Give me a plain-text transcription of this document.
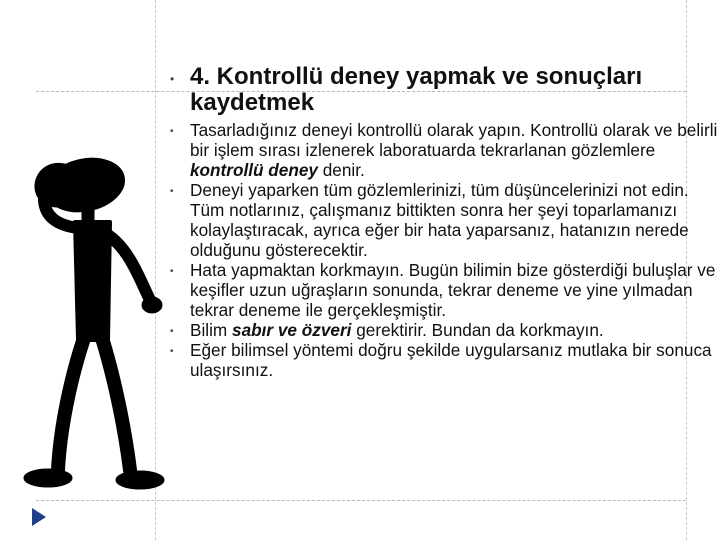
• 4. Kontrollü deney yapmak ve sonuçları kaydetmek
• Tasarladığınız deneyi kontrollü olarak yapın. Kontrollü olarak ve belirli bir işlem sırası izlenerek laboratuarda tekrarlanan gözlemlere kontrollü deney denir.
• Deneyi yaparken tüm gözlemlerinizi, tüm düşüncelerinizi not edin. Tüm notlarınız, çalışmanız bittikten sonra her şeyi toparlamanızı kolaylaştıracak, ayrıca eğer bir hata yaparsanız, hatanızın nerede olduğunu gösterecektir.
• Hata yapmaktan korkmayın. Bugün bilimin bize gösterdiği buluşlar ve keşifler uzun uğraşların sonunda, tekrar deneme ve yine yılmadan tekrar deneme ile gerçekleşmiştir.
• Bilim sabır ve özveri gerektirir. Bundan da korkmayın.
• Eğer bilimsel yöntemi doğru şekilde uygularsanız mutlaka bir sonuca ulaşırsınız.
